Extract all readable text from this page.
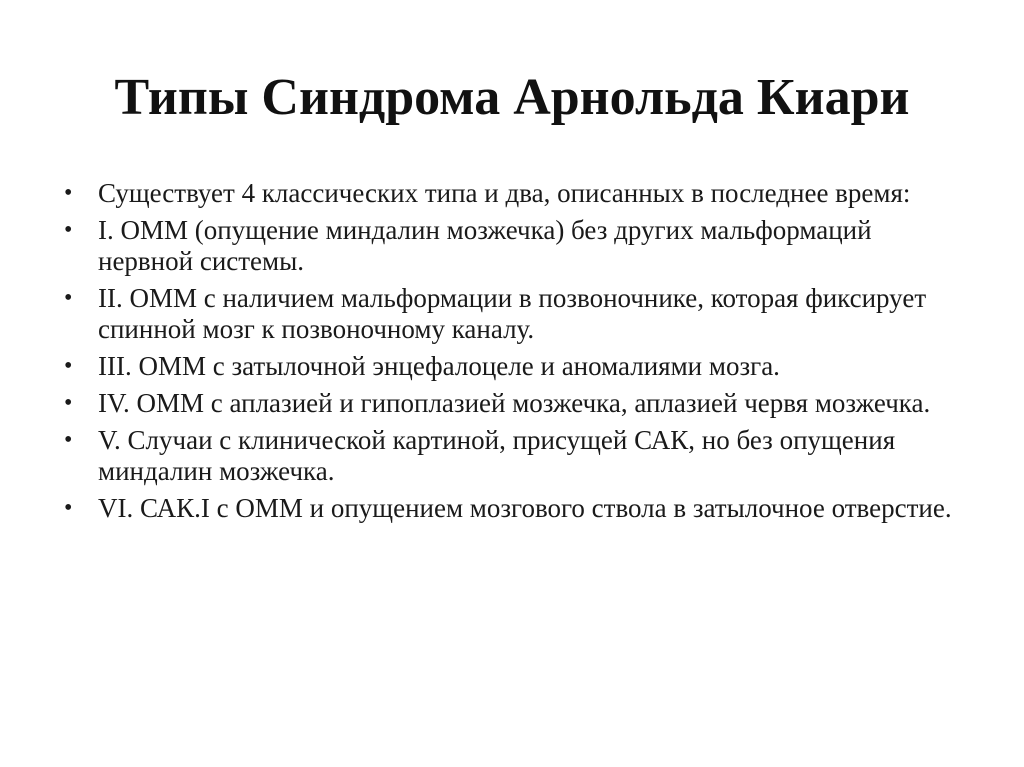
Типы Синдрома Арнольда Киари
• Существует 4 классических типа и два, описанных в последнее время:
• I. ОММ (опущение миндалин мозжечка) без других мальформаций нервной системы.
• II. ОММ с наличием мальформации в позвоночнике, которая фиксирует спинной мозг к позвоночному каналу.
• III. ОММ с затылочной энцефалоцеле и аномалиями мозга.
• IV. ОММ с аплазией и гипоплазией мозжечка, аплазией червя мозжечка.
• V. Случаи с клинической картиной, присущей САК, но без опущения миндалин мозжечка.
• VI. САК.I с ОММ и опущением мозгового ствола в затылочное отверстие.
